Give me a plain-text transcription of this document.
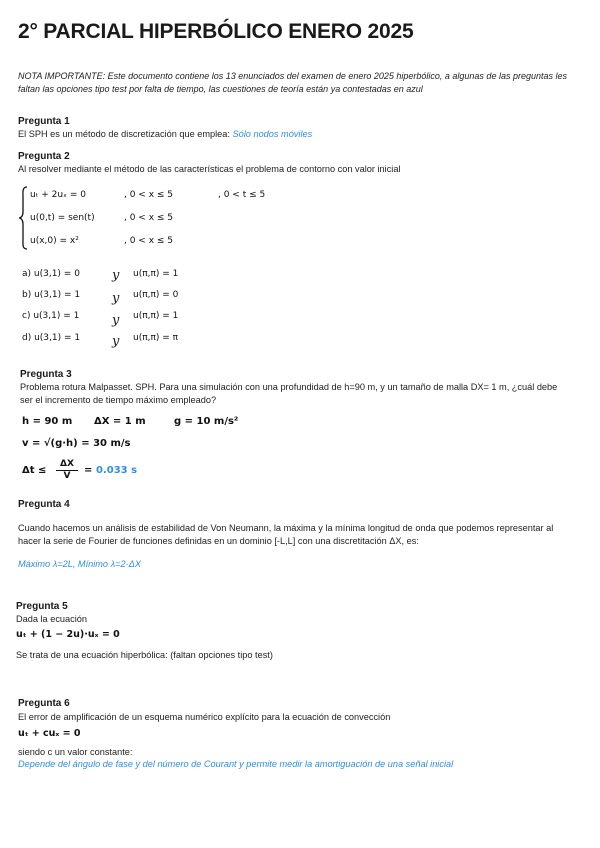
2° PARCIAL HIPERBÓLICO ENERO 2025
NOTA IMPORTANTE: Este documento contiene los 13 enunciados del examen de enero 2025 hiperbólico, a algunas de las preguntas les faltan las opciones tipo test por falta de tiempo, las cuestiones de teoría están ya contestadas en azul
Pregunta 1
El SPH es un método de discretización que emplea: Sólo nodos móviles
Pregunta 2
Al resolver mediante el método de las características el problema de contorno con valor inicial
uₜ + 2uₓ = 0	, 0 < x ≤ 5	, 0 < t ≤ 5
u(0,t) = sen(t)	, 0 < x ≤ 5
u(x,0) = x²	, 0 < x ≤ 5
a) u(3,1) = 0 y u(π,π) = 1
b) u(3,1) = 1 y u(π,π) = 0
c) u(3,1) = 1	y u(π,π) = 1
d) u(3,1) = 1 y u(π,π) = π
Pregunta 3
Problema rotura Malpasset. SPH. Para una simulación con una profundidad de h=90 m, y un tamaño de malla DX= 1 m, ¿cuál debe ser el incremento de tiempo máximo empleado?
h = 90 m ΔX = 1 m	g = 10 m/s²
v = √(g·h) = 30 m/s
$\Delta t \le \frac{\Delta X}{V} = 0.033$ s
Pregunta 4
Cuando hacemos un análisis de estabilidad de Von Neumann, la máxima y la mínima longitud de onda que podemos representar al hacer la serie de Fourier de funciones definidas en un dominio [-L,L] con una discretitación ΔX, es:
Máximo λ=2L, Mínimo λ=2·ΔX
Pregunta 5
Dada la ecuación
uₜ + (1 − 2u)·uₓ = 0
Se trata de una ecuación hiperbólica: (faltan opciones tipo test)
Pregunta 6
El error de amplificación de un esquema numérico explícito para la ecuación de convección
uₜ + cuₓ = 0
siendo c un valor constante:
Depende del ángulo de fase y del número de Courant y permite medir la amortiguación de una señal inicial
